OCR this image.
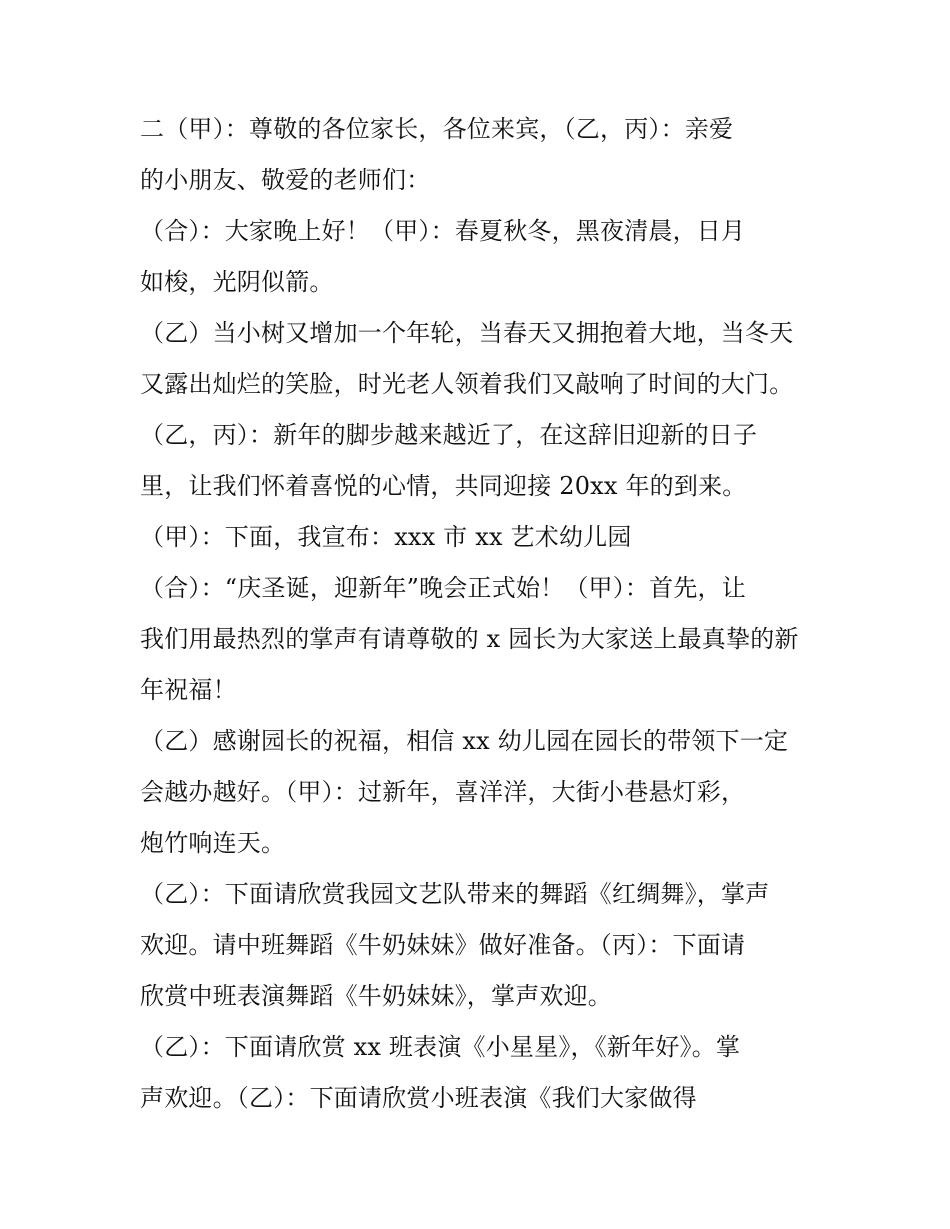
二（甲）：尊敬的各位家长，各位来宾，（乙，丙）：亲爱
的小朋友、敬爱的老师们：
（合）：大家晚上好！（甲）：春夏秋冬，黑夜清晨，日月
如梭，光阴似箭。
（乙）当小树又增加一个年轮，当春天又拥抱着大地，当冬天
又露出灿烂的笑脸，时光老人领着我们又敲响了时间的大门。
（乙，丙）：新年的脚步越来越近了，在这辞旧迎新的日子
里，让我们怀着喜悦的心情，共同迎接 20xx 年的到来。
（甲）：下面，我宣布：xxx 市 xx 艺术幼儿园
（合）：“庆圣诞，迎新年”晚会正式始！（甲）：首先，让
我们用最热烈的掌声有请尊敬的 x 园长为大家送上最真挚的新
年祝福！
（乙）感谢园长的祝福，相信 xx 幼儿园在园长的带领下一定
会越办越好。（甲）：过新年，喜洋洋，大街小巷悬灯彩，
炮竹响连天。
（乙）：下面请欣赏我园文艺队带来的舞蹈《红绸舞》，掌声
欢迎。请中班舞蹈《牛奶妹妹》做好准备。（丙）：下面请
欣赏中班表演舞蹈《牛奶妹妹》，掌声欢迎。
（乙）：下面请欣赏 xx 班表演《小星星》，《新年好》。掌
声欢迎。（乙）：下面请欣赏小班表演《我们大家做得
